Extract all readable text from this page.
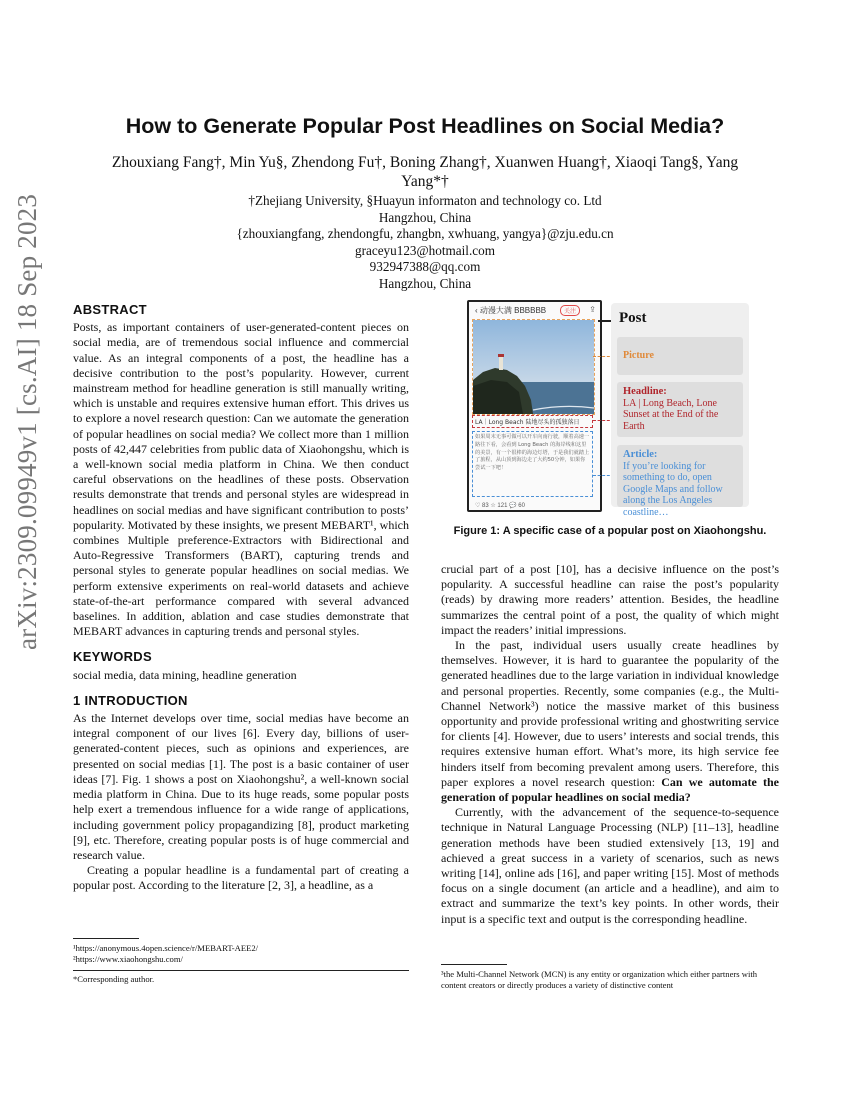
arXiv:2309.09949v1 [cs.AI] 18 Sep 2023
How to Generate Popular Post Headlines on Social Media?
Zhouxiang Fang†, Min Yu§, Zhendong Fu†, Boning Zhang†, Xuanwen Huang†, Xiaoqi Tang§, Yang
Yang*†
†Zhejiang University, §Huayun informaton and technology co. Ltd
Hangzhou, China
{zhouxiangfang, zhendongfu, zhangbn, xwhuang, yangya}@zju.edu.cn
graceyu123@hotmail.com
932947388@qq.com
Hangzhou, China
ABSTRACT

Posts, as important containers of user-generated-content pieces on social media, are of tremendous social influence and commercial value. As an integral components of a post, the headline has a decisive contribution to the post’s popularity. However, current mainstream method for headline generation is still manually writing, which is unstable and requires extensive human effort. This drives us to explore a novel research question: Can we automate the generation of popular headlines on social media? We collect more than 1 million posts of 42,447 celebrities from public data of Xiaohongshu, which is a well-known social media platform in China. We then conduct careful observations on the headlines of these posts. Observation results demonstrate that trends and personal styles are widespread in headlines on social medias and have significant contribution to posts’ popularity. Motivated by these insights, we present MEBART¹, which combines Multiple preference-Extractors with Bidirectional and Auto-Regressive Transformers (BART), capturing trends and personal styles to generate popular headlines on social medias. We perform extensive experiments on real-world datasets and achieve state-of-the-art performance compared with several advanced baselines. In addition, ablation and case studies demonstrate that MEBART advances in capturing trends and personal styles.

KEYWORDS

social media, data mining, headline generation

1 INTRODUCTION

As the Internet develops over time, social medias have become an integral component of our lives [6]. Every day, billions of user-generated-content pieces, such as opinions and experiences, are presented on social medias [1]. The post is a basic container of user ideas [7]. Fig. 1 shows a post on Xiaohongshu², a well-known social media platform in China. Due to its huge reads, some popular posts help exert a tremendous influence for a wide range of applications, including government policy propagandizing [8], product marketing [9], etc. Therefore, creating popular posts is of huge commercial and research value.

Creating a popular headline is a fundamental part of creating a popular post. According to the literature [2, 3], a headline, as a

¹https://anonymous.4open.science/r/MEBART-AEE2/

²https://www.xiaohongshu.com/

*Corresponding author.

‹ 动漫大满 BBBBBB	关注	⇪
LA｜Long Beach 陆地尽头的孤独落日
如果周末无事可做可以开车向南行驶，顺着高速一路往下看，会看到 Long Beach 的海岸线和这里的美景，有一个很棒的海边灯塔，于是我们就踏上了旅程，从山顶到海边走了大约50分钟，如果你尝试一下吧！
♡ 83 ☆ 121 💬 60
Post
Picture
Headline:
LA | Long Beach, Lone Sunset at the End of the Earth
Article:
If you’re looking for something to do, open Google Maps and follow along the Los Angeles coastline…
Figure 1: A specific case of a popular post on Xiaohongshu.

crucial part of a post [10], has a decisive influence on the post’s popularity. A successful headline can raise the post’s popularity (reads) by drawing more readers’ attention. Besides, the headline summarizes the central point of a post, the quality of which might impact the readers’ initial impressions.

In the past, individual users usually create headlines by themselves. However, it is hard to guarantee the popularity of the generated headlines due to the large variation in individual knowledge and personal properties. Recently, some companies (e.g., the Multi-Channel Network³) notice the massive market of this business opportunity and provide professional writing and ghostwriting service for clients [4]. However, due to users’ interests and social trends, this requires extensive human effort. What’s more, its high service fee hinders itself from becoming prevalent among users. Therefore, this paper explores a novel research question: Can we automate the generation of popular headlines on social media?

Currently, with the advancement of the sequence-to-sequence technique in Natural Language Processing (NLP) [11–13], headline generation methods have been studied extensively [13, 19] and achieved a great success in a variety of scenarios, such as news writing [14], online ads [16], and paper writing [15]. Most of methods focus on a single document (an article and a headline), and aim to extract and summarize the text’s key points. In other words, their input is a specific text and output is the corresponding headline.

³the Multi-Channel Network (MCN) is any entity or organization which either partners with content creators or directly produces a variety of distinctive content
